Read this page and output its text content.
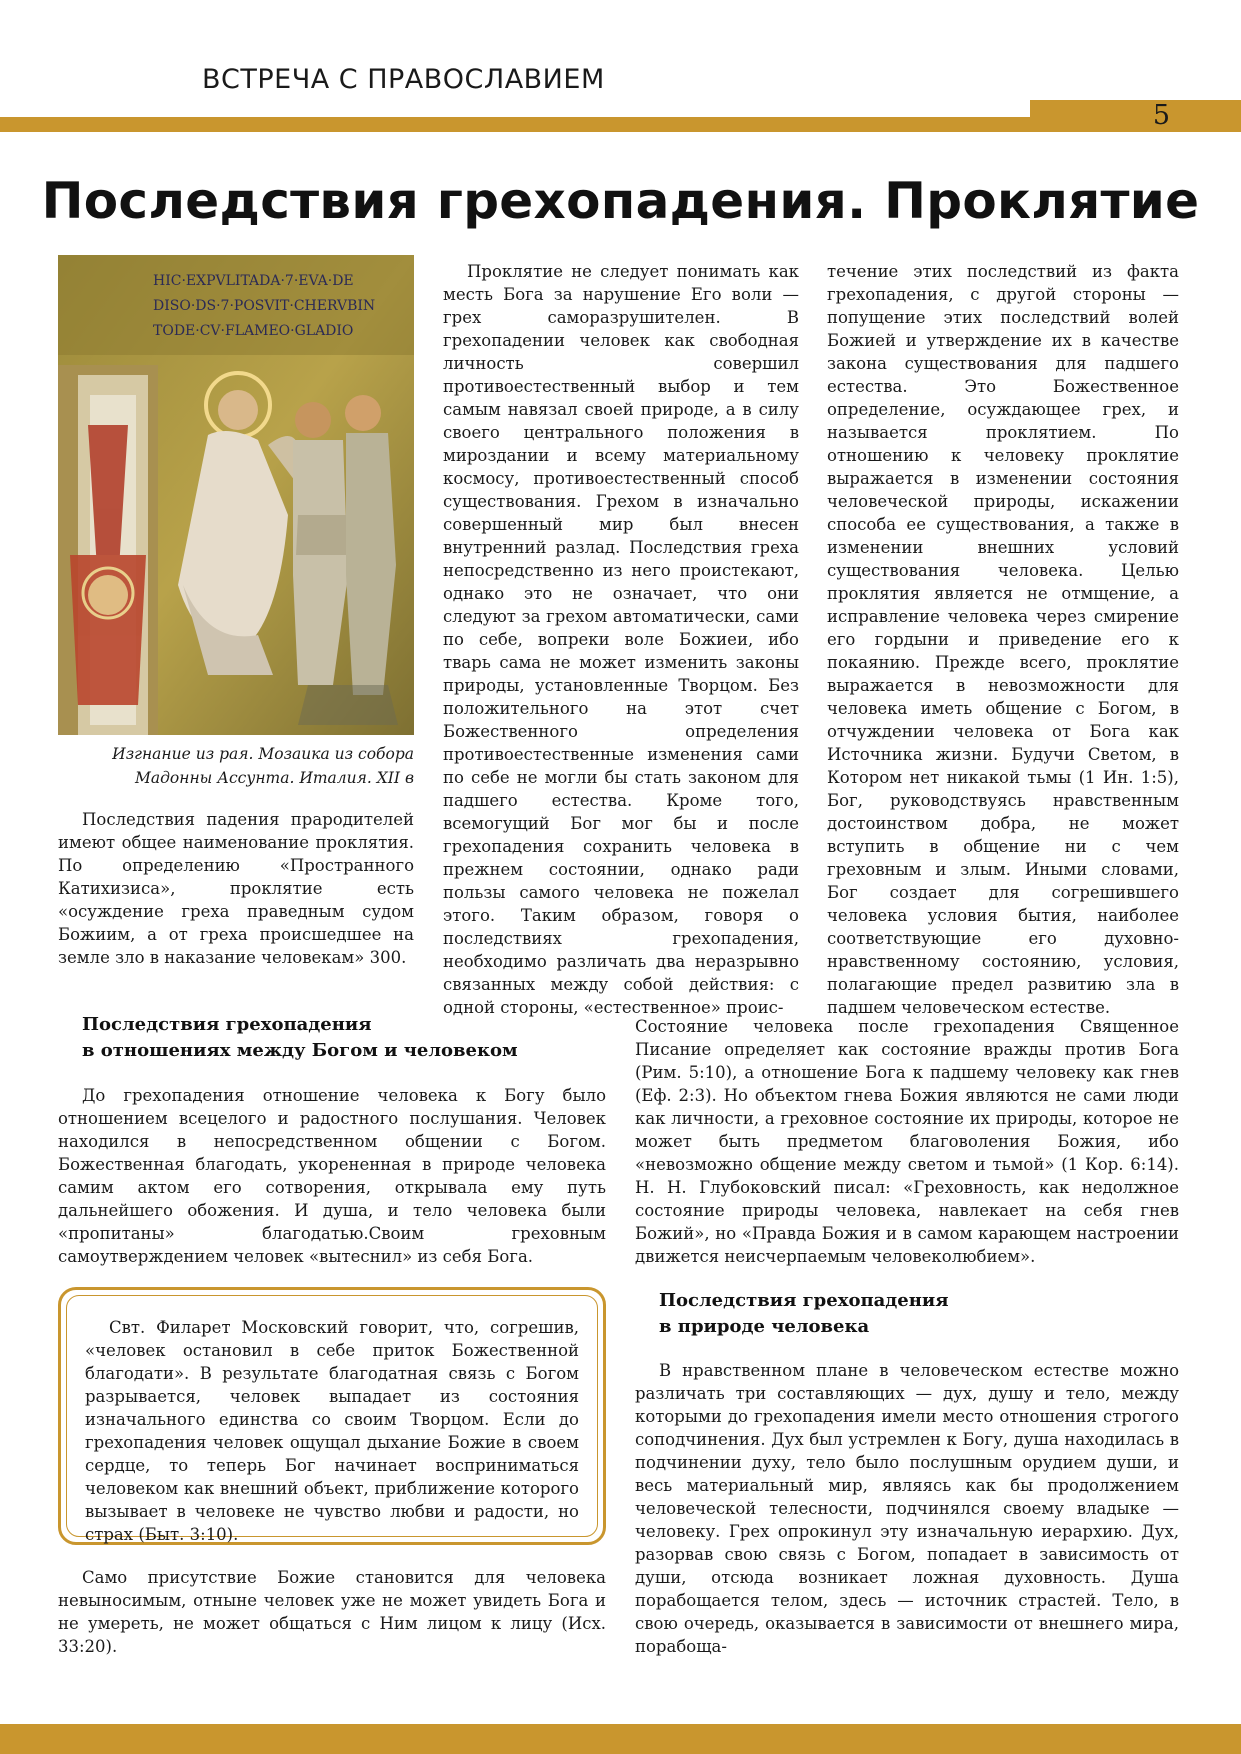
ВСТРЕЧА С ПРАВОСЛАВИЕМ
5
Последствия грехопадения. Проклятие
HIC·EXPVLITADA·7·EVA·DE
DISO·DS·7·POSVIT·CHERVBIN
TODE·CV·FLAMEO·GLADIO
Изгнание из рая. Мозаика из собора
Мадонны Ассунта. Италия. XII в

Последствия падения прародителей имеют общее наименование проклятия. По определению «Пространного Катихизиса», проклятие есть «осуждение греха праведным судом Божиим, а от греха происшедшее на земле зло в наказание человекам» 300.

Проклятие не следует понимать как месть Бога за нарушение Его воли — грех саморазрушителен. В грехопадении человек как свободная личность совершил противоестественный выбор и тем самым навязал своей природе, а в силу своего центрального положения в мироздании и всему материальному космосу, противоестественный способ существования. Грехом в изначально совершенный мир был внесен внутренний разлад. Последствия греха непосредственно из него проистекают, однако это не означает, что они следуют за грехом автоматически, сами по себе, вопреки воле Божиеи, ибо тварь сама не может изменить законы природы, установленные Творцом. Без положительного на этот счет Божественного определения противоестественные изменения сами по себе не могли бы стать законом для падшего естества. Кроме того, всемогущий Бог мог бы и после грехопадения сохранить человека в прежнем состоянии, однако ради пользы самого человека не пожелал этого. Таким образом, говоря о последствиях грехопадения, необходимо различать два неразрывно связанных между собой действия: с одной стороны, «естественное» проис-

течение этих последствий из факта грехопадения, с другой стороны — попущение этих последствий волей Божией и утверждение их в качестве закона существования для падшего естества. Это Божественное определение, осуждающее грех, и называется проклятием. По отношению к человеку проклятие выражается в изменении состояния человеческой природы, искажении способа ее существования, а также в изменении внешних условий существования человека. Целью проклятия является не отмщение, а исправление человека через смирение его гордыни и приведение его к покаянию. Прежде всего, проклятие выражается в невозможности для человека иметь общение с Богом, в отчуждении человека от Бога как Источника жизни. Будучи Светом, в Котором нет никакой тьмы (1 Ин. 1:5), Бог, руководствуясь нравственным достоинством добра, не может вступить в общение ни с чем греховным и злым. Иными словами, Бог создает для согрешившего человека условия бытия, наиболее соответствующие его духовно-нравственному состоянию, условия, полагающие предел развитию зла в падшем человеческом естестве.

Последствия грехопадения
в отношениях между Богом и человеком

До грехопадения отношение человека к Богу было отношением всецелого и радостного послушания. Человек находился в непосредственном общении с Богом. Божественная благодать, укорененная в природе человека самим актом его сотворения, открывала ему путь дальнейшего обожения. И душа, и тело человека были «пропитаны» благодатью.Своим греховным самоутверждением человек «вытеснил» из себя Бога.

Свт. Филарет Московский говорит, что, согрешив, «человек остановил в себе приток Божественной благодати». В результате благодатная связь с Богом разрывается, человек выпадает из состояния изначального единства со своим Творцом. Если до грехопадения человек ощущал дыхание Божие в своем сердце, то теперь Бог начинает восприниматься человеком как внешний объект, приближение которого вызывает в человеке не чувство любви и радости, но страх (Быт. 3:10).

Само присутствие Божие становится для человека невыносимым, отныне человек уже не может увидеть Бога и не умереть, не может общаться с Ним лицом к лицу (Исх. 33:20).

Состояние человека после грехопадения Священное Писание определяет как состояние вражды против Бога (Рим. 5:10), а отношение Бога к падшему человеку как гнев (Еф. 2:3). Но объектом гнева Божия являются не сами люди как личности, а греховное состояние их природы, которое не может быть предметом благоволения Божия, ибо «невозможно общение между светом и тьмой» (1 Кор. 6:14). Н. Н. Глубоковский писал: «Греховность, как недолжное состояние природы человека, навлекает на себя гнев Божий», но «Правда Божия и в самом карающем настроении движется неисчерпаемым человеколюбием».

Последствия грехопадения
в природе человека

В нравственном плане в человеческом естестве можно различать три составляющих — дух, душу и тело, между которыми до грехопадения имели место отношения строгого соподчинения. Дух был устремлен к Богу, душа находилась в подчинении духу, тело было послушным орудием души, и весь материальный мир, являясь как бы продолжением человеческой телесности, подчинялся своему владыке — человеку. Грех опрокинул эту изначальную иерархию. Дух, разорвав свою связь с Богом, попадает в зависимость от души, отсюда возникает ложная духовность. Душа порабощается телом, здесь — источник страстей. Тело, в свою очередь, оказывается в зависимости от внешнего мира, порабоща-
